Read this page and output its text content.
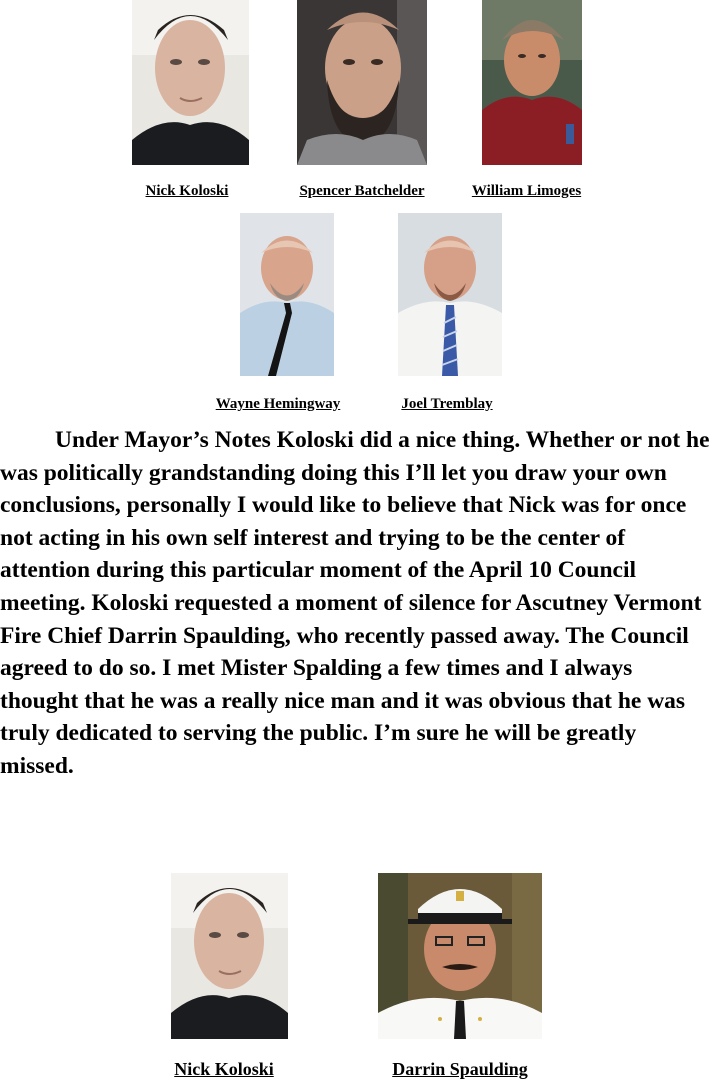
Nick Koloski	Spencer Batchelder	William Limoges
Wayne Hemingway	Joel Tremblay

Under Mayor’s Notes Koloski did a nice thing. Whether or not he was politically grandstanding doing this I’ll let you draw your own conclusions, personally I would like to believe that Nick was for once not acting in his own self interest and trying to be the center of attention during this particular moment of the April 10 Council meeting. Koloski requested a moment of silence for Ascutney Vermont Fire Chief Darrin Spaulding, who recently passed away. The Council agreed to do so. I met Mister Spalding a few times and I always thought that he was a really nice man and it was obvious that he was truly dedicated to serving the public. I’m sure he will be greatly missed.

Nick Koloski	Darrin Spaulding
